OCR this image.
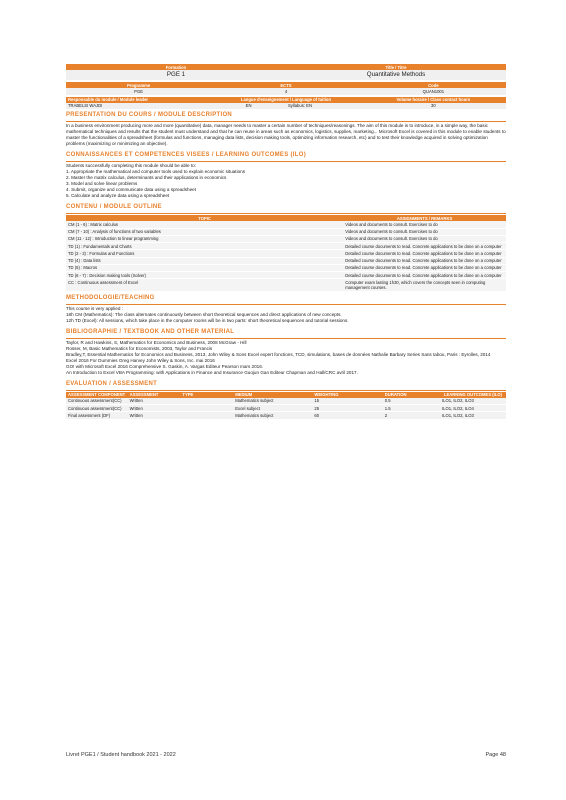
Formation	Title / Titre
PGE 1	Quantitative Methods
Programme	ECTS	Code
PGE	4	QUAN1001
Responsable du module / Module leader	Langue d'enseignement / Language of tuition		Volume horaire / Class contact hours
TRABELSI WAJDI	EN	Syllabus: EN	30
PRESENTATION DU COURS / MODULE DESCRIPTION
In a business environment producing more and more (quantitative) data, manager needs to master a certain number of techniques/reasonings. The aim of this module is to introduce, in a simple way, the basic mathematical techniques and results that the student must understand and that he can reuse in areas such as economics, logistics, supplies, marketing... Microsoft Excel is covered in this module to enable students to master the functionalities of a spreadsheet (formulas and functions, managing data lists, decision making tools, optimizing information research, etc) and to test their knowledge acquired in solving optimization problems (maximizing or minimizing an objective).
CONNAISSANCES ET COMPETENCES VISEES / LEARNING OUTCOMES (ILO)
Students successfully completing this module should be able to:
1. Appropriate the mathematical and computer tools used to explain economic situations
2. Master the matrix calculus, determinants and their applications in economics
3. Model and solve linear problems
4. Submit, organize and communicate data using a spreadsheet
5. Calculate and analyze data using a spreadsheet
CONTENU / MODULE OUTLINE
TOPIC	ASSIGNMENTS / REMARKS
CM (1 - 6) : Matrix calculus	Videos and documents to consult. Exercises to do
CM (7 - 10) : Analysis of functions of two variables	Videos and documents to consult. Exercises to do
CM (11 - 12) : Introduction to linear programming	Videos and documents to consult. Exercises to do
TD (1) : Fundamentals and Charts	Detailed course documents to read. Concrete applications to be done on a computer
TD (2 - 3) : Formulas and Functions	Detailed course documents to read. Concrete applications to be done on a computer
TD (4) : Data lists	Detailed course documents to read. Concrete applications to be done on a computer
TD (5) : Macros	Detailed course documents to read. Concrete applications to be done on a computer
TD (6 - 7) : Decision making tools (Solver)	Detailed course documents to read. Concrete applications to be done on a computer
CC : Continuous assessment of Excel	Computer exam lasting 1h30, which covers the concepts seen in computing management courses.
METHODOLOGIE/TEACHING
This course is very applied :
18h CM (Mathematics): The class alternates continuously between short theoretical sequences and direct applications of new concepts.
12h TD (Excel): All sessions, which take place in the computer rooms will be in two parts: short theoretical sequences and tutorial sessions.
BIBLIOGRAPHIE / TEXTBOOK AND OTHER MATERIAL
Taylor, R and Hawkins, S, Mathematics for Economics and Business, 2008 McGraw - Hill
Rosser, M, Basic Mathematics for Economists, 2003, Taylor and Francis
Bradley,T, Essential Mathematics for Economics and Business, 2013, John Wiley & Sons Excel expert fonctions, TCD, simulations, bases de données Nathalie Barbary Series Sans tabou, Paris : Eyrolles, 2014
Excel 2016 For Dummies Greg Harvey John Wiley & Sons, Inc. mai 2016
GO! with Microsoft Excel 2016 Comprehensive S. Gaskin, A. Vargas Editeur Pearson mars 2016.
An Introduction to Excel VBA Programming: with Applications in Finance and Insurance Guojun Gan Editeur Chapman and Hall/CRC avril 2017.
EVALUATION / ASSESSMENT
ASSESSMENT COMPONENT	ASSESSMENT	TYPE	MEDIUM	WEIGHTING	DURATION	LEARNING OUTCOMES (ILO)
Continuous assessment(CC)	Written		Mathematics subject	15	0.5	ILO1, ILO2, ILO3
Continuous assessment(CC)	Written		Excel subject	25	1.5	ILO1, ILO2, ILO4
Final assessment (DF)	Written		Mathematics subject	60	2	ILO1, ILO2, ILO3
Livret PGE1 / Student handbook 2021 - 2022	Page 48
